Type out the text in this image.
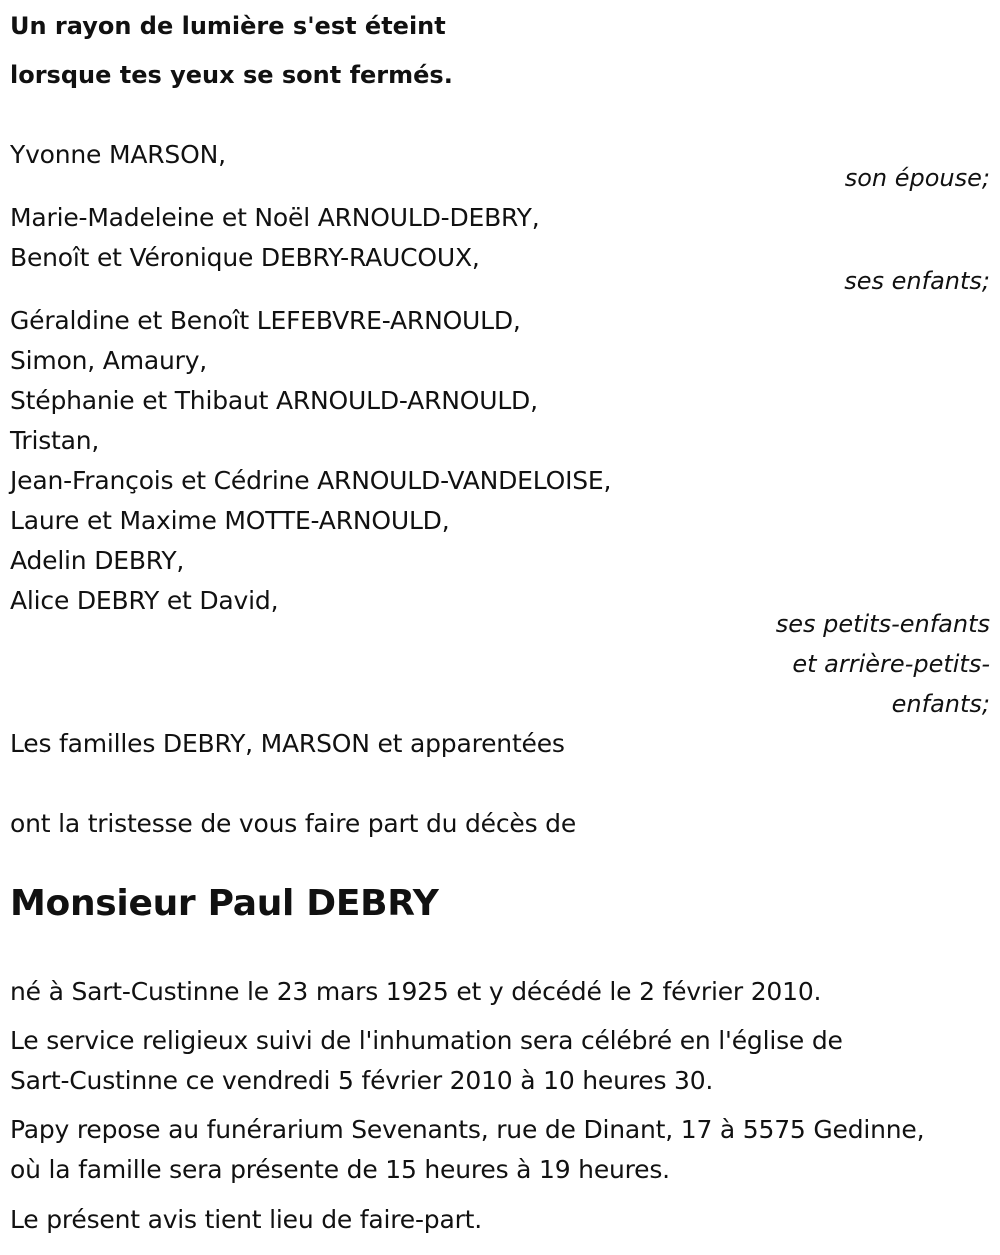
Un rayon de lumière s'est éteint
lorsque tes yeux se sont fermés.
Yvonne MARSON,
son épouse;
Marie-Madeleine et Noël ARNOULD-DEBRY,
Benoît et Véronique DEBRY-RAUCOUX,
ses enfants;
Géraldine et Benoît LEFEBVRE-ARNOULD,
Simon, Amaury,
Stéphanie et Thibaut ARNOULD-ARNOULD,
Tristan,
Jean-François et Cédrine ARNOULD-VANDELOISE,
Laure et Maxime MOTTE-ARNOULD,
Adelin DEBRY,
Alice DEBRY et David,
ses petits-enfants
et arrière-petits-
enfants;
Les familles DEBRY, MARSON et apparentées
ont la tristesse de vous faire part du décès de
Monsieur Paul DEBRY
né à Sart-Custinne le 23 mars 1925 et y décédé le 2 février 2010.
Le service religieux suivi de l'inhumation sera célébré en l'église de
Sart-Custinne ce vendredi 5 février 2010 à 10 heures 30.
Papy repose au funérarium Sevenants, rue de Dinant, 17 à 5575 Gedinne,
où la famille sera présente de 15 heures à 19 heures.
Le présent avis tient lieu de faire-part.
